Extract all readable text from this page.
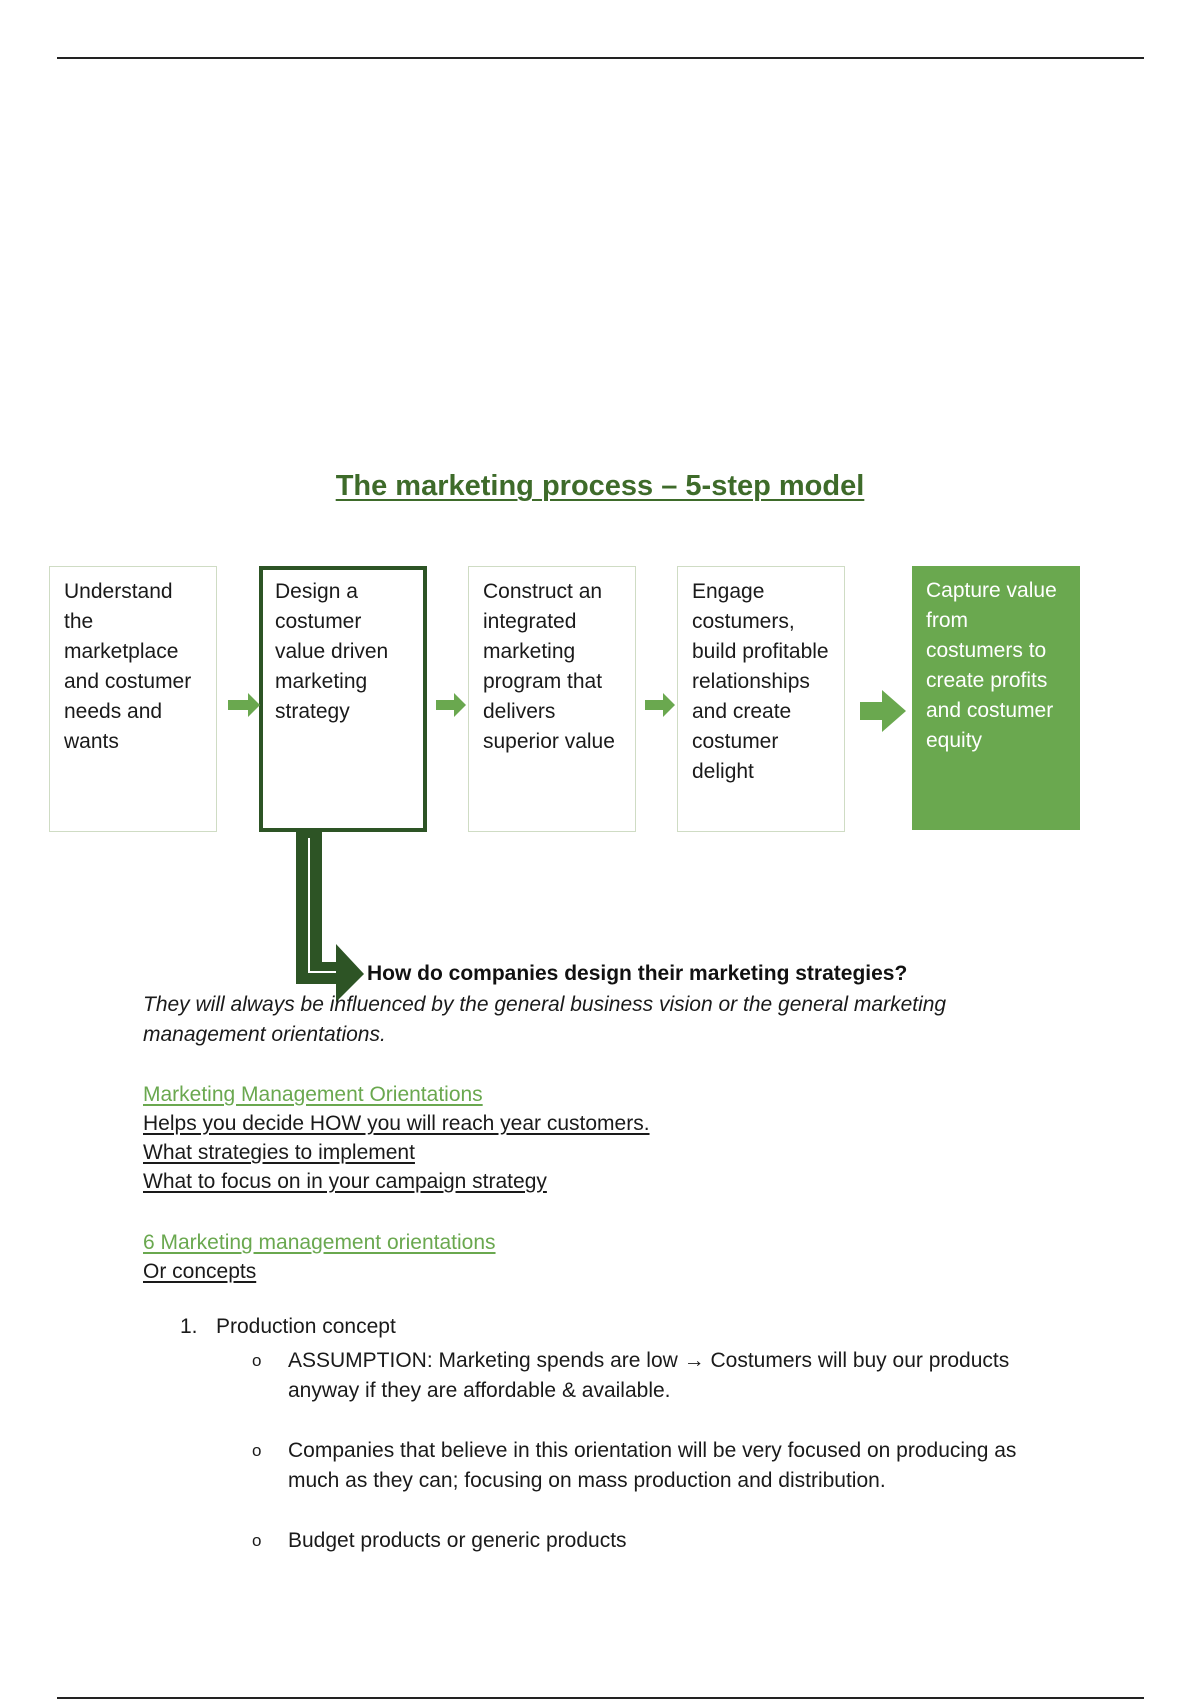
The marketing process – 5-step model
Understand the marketplace and costumer needs and wants
Design a costumer value driven marketing strategy
Construct an integrated marketing program that delivers superior value
Engage costumers, build profitable relationships and create costumer delight
Capture value from costumers to create profits and costumer equity
How do companies design their marketing strategies?
They will always be influenced by the general business vision or the general marketing management orientations.
Marketing Management Orientations
Helps you decide HOW you will reach year customers.
What strategies to implement
What to focus on in your campaign strategy
6 Marketing management orientations
Or concepts
1. Production concept
o	ASSUMPTION: Marketing spends are low → Costumers will buy our products anyway if they are affordable & available.
o	Companies that believe in this orientation will be very focused on producing as much as they can; focusing on mass production and distribution.
o	Budget products or generic products
